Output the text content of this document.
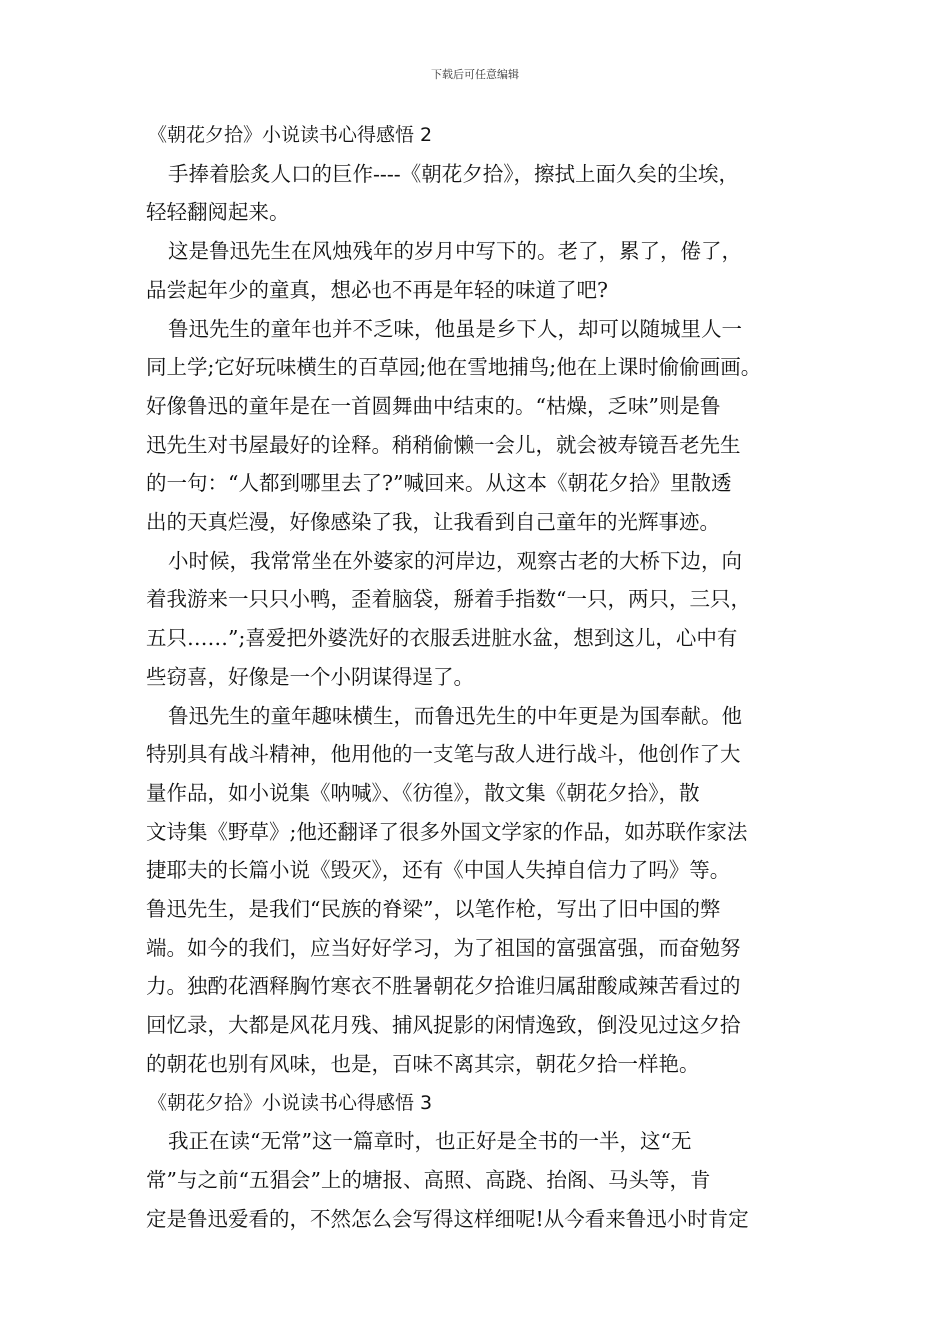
下载后可任意编辑

《朝花夕拾》小说读书心得感悟 2

手捧着脍炙人口的巨作----《朝花夕拾》，擦拭上面久矣的尘埃，
轻轻翻阅起来。

这是鲁迅先生在风烛残年的岁月中写下的。老了，累了，倦了，
品尝起年少的童真，想必也不再是年轻的味道了吧?

鲁迅先生的童年也并不乏味，他虽是乡下人，却可以随城里人一
同上学;它好玩味横生的百草园;他在雪地捕鸟;他在上课时偷偷画画。
好像鲁迅的童年是在一首圆舞曲中结束的。“枯燥，乏味”则是鲁
迅先生对书屋最好的诠释。稍稍偷懒一会儿，就会被寿镜吾老先生
的一句：“人都到哪里去了?”喊回来。从这本《朝花夕拾》里散透
出的天真烂漫，好像感染了我，让我看到自己童年的光辉事迹。

小时候，我常常坐在外婆家的河岸边，观察古老的大桥下边，向
着我游来一只只小鸭，歪着脑袋，掰着手指数“一只，两只，三只，
五只……”;喜爱把外婆洗好的衣服丢进脏水盆，想到这儿，心中有
些窃喜，好像是一个小阴谋得逞了。

鲁迅先生的童年趣味横生，而鲁迅先生的中年更是为国奉献。他
特别具有战斗精神，他用他的一支笔与敌人进行战斗，他创作了大
量作品，如小说集《呐喊》、《彷徨》，散文集《朝花夕拾》，散
文诗集《野草》;他还翻译了很多外国文学家的作品，如苏联作家法
捷耶夫的长篇小说《毁灭》，还有《中国人失掉自信力了吗》等。
鲁迅先生，是我们“民族的脊梁”，以笔作枪，写出了旧中国的弊
端。如今的我们，应当好好学习，为了祖国的富强富强，而奋勉努
力。独酌花酒释胸竹寒衣不胜暑朝花夕拾谁归属甜酸咸辣苦看过的
回忆录，大都是风花月残、捕风捉影的闲情逸致，倒没见过这夕拾
的朝花也别有风味，也是，百味不离其宗，朝花夕拾一样艳。

《朝花夕拾》小说读书心得感悟 3

我正在读“无常”这一篇章时，也正好是全书的一半，这“无
常”与之前“五猖会”上的塘报、高照、高跷、抬阁、马头等，肯
定是鲁迅爱看的，不然怎么会写得这样细呢!从今看来鲁迅小时肯定
